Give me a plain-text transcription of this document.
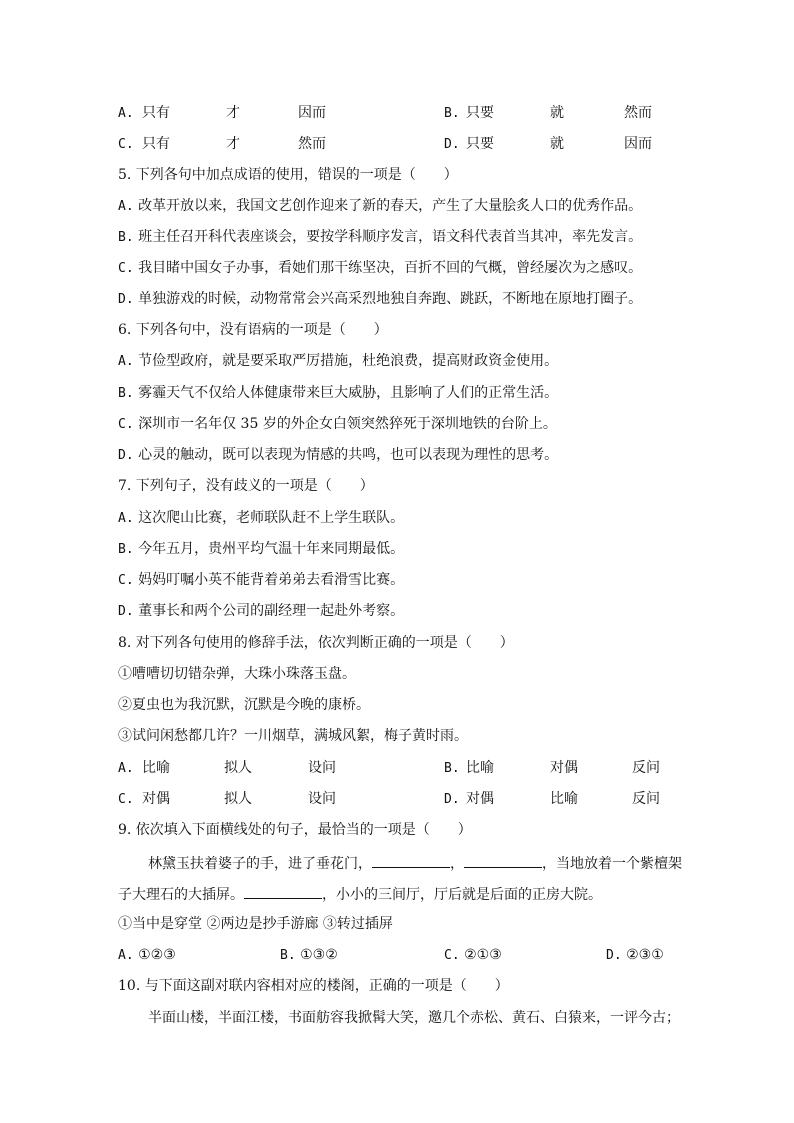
A. 只有	才	因而	B. 只要	就	然而
C. 只有	才	然而	D. 只要	就	因而
5. 下列各句中加点成语的使用，错误的一项是（　　）
A. 改革开放以来，我国文艺创作迎来了新的春天，产生了大量脍炙人口的优秀作品。
B. 班主任召开科代表座谈会，要按学科顺序发言，语文科代表首当其冲，率先发言。
C. 我目睹中国女子办事，看她们那干练坚决，百折不回的气概，曾经屡次为之感叹。
D. 单独游戏的时候，动物常常会兴高采烈地独自奔跑、跳跃，不断地在原地打圈子。
6. 下列各句中，没有语病的一项是（　　）
A. 节俭型政府，就是要采取严厉措施，杜绝浪费，提高财政资金使用。
B. 雾霾天气不仅给人体健康带来巨大威胁，且影响了人们的正常生活。
C. 深圳市一名年仅 35 岁的外企女白领突然猝死于深圳地铁的台阶上。
D. 心灵的触动，既可以表现为情感的共鸣，也可以表现为理性的思考。
7. 下列句子，没有歧义的一项是（　　）
A. 这次爬山比赛，老师联队赶不上学生联队。
B. 今年五月，贵州平均气温十年来同期最低。
C. 妈妈叮嘱小英不能背着弟弟去看滑雪比赛。
D. 董事长和两个公司的副经理一起赴外考察。
8. 对下列各句使用的修辞手法，依次判断正确的一项是（　　）
①嘈嘈切切错杂弹，大珠小珠落玉盘。
②夏虫也为我沉默，沉默是今晚的康桥。
③试问闲愁都几许？一川烟草，满城风絮，梅子黄时雨。
A. 比喻	拟人	设问	B. 比喻	对偶	反问
C. 对偶	拟人	设问	D. 对偶	比喻	反问
9. 依次填入下面横线处的句子，最恰当的一项是（　　）
林黛玉扶着婆子的手，进了垂花门，	，	，当地放着一个紫檀架
子大理石的大插屏。	，小小的三间厅，厅后就是后面的正房大院。
①当中是穿堂 ②两边是抄手游廊 ③转过插屏
A. ①②③	B. ①③②	C. ②①③	D. ②③①
10. 与下面这副对联内容相对应的楼阁，正确的一项是（　　）
半面山楼，半面江楼，书面舫容我掀髯大笑，邀几个赤松、黄石、白猿来，一评今古；
